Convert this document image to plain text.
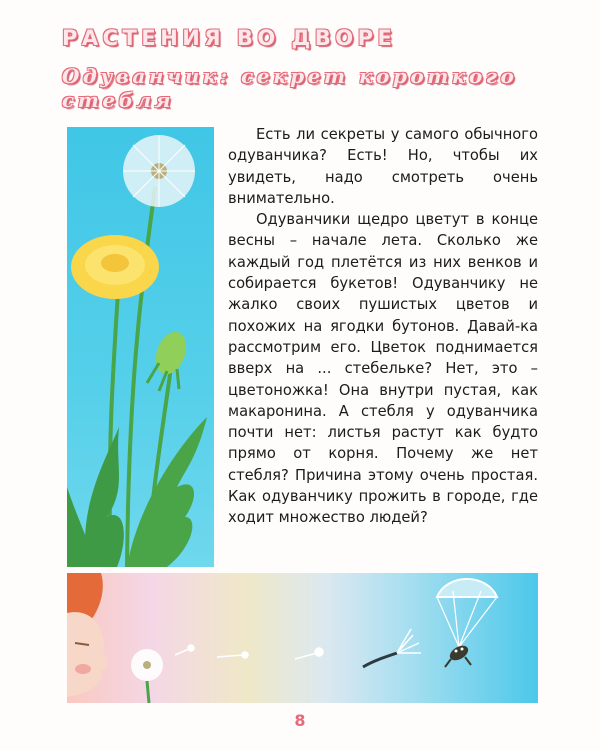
РАСТЕНИЯ ВО ДВОРЕ
Одуванчик: секрет короткого стебля

Есть ли секреты у самого обычного одуванчика? Есть! Но, чтобы их увидеть, надо смотреть очень внимательно.

Одуванчики щедро цветут в конце весны – начале лета. Сколько же каждый год плетётся из них венков и собирается букетов! Одуванчику не жалко своих пушистых цветов и похожих на ягодки бутонов. Давай-ка рассмотрим его. Цветок поднимается вверх на ... стебельке? Нет, это – цветоножка! Она внутри пустая, как макаронина. А стебля у одуванчика почти нет: листья растут как будто прямо от корня. Почему же нет стебля? Причина этому очень простая. Как одуванчику прожить в городе, где ходит множество людей?

8
